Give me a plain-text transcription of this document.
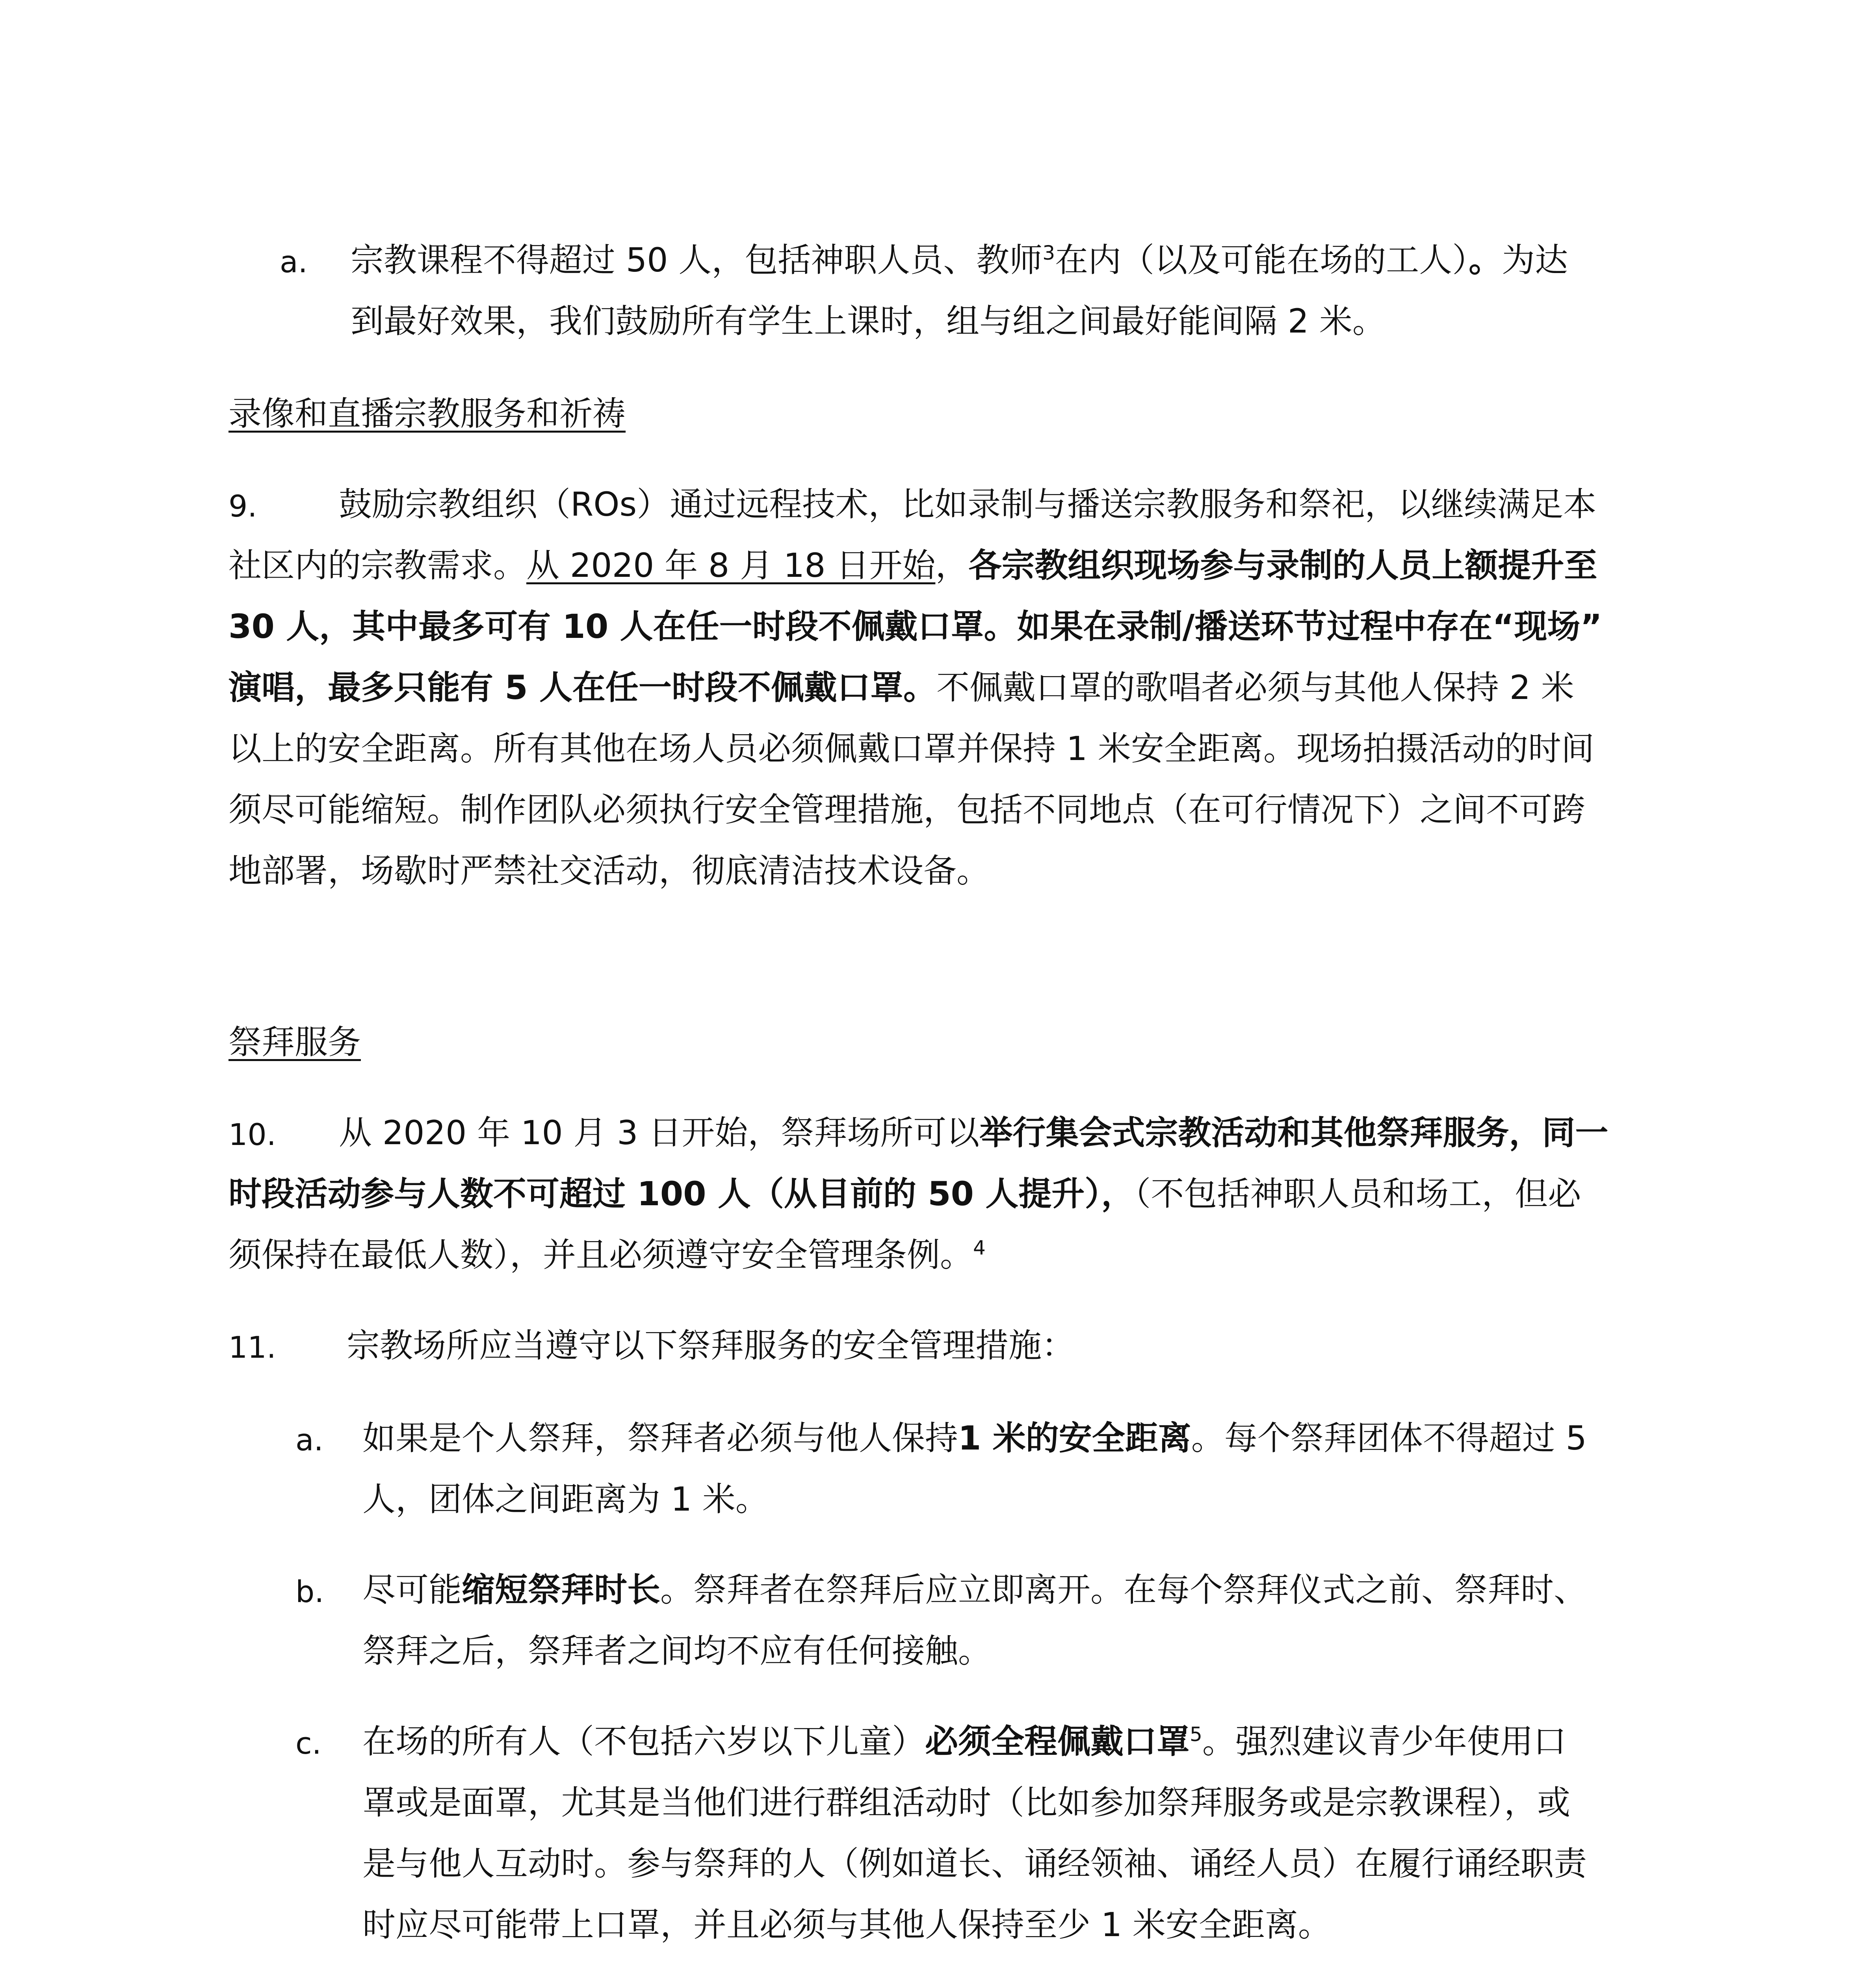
a. 宗教课程不得超过 50 人，包括神职人员、教师$^3$在内（以及可能在场的工人）。为达
到最好效果，我们鼓励所有学生上课时，组与组之间最好能间隔 2 米。
录像和直播宗教服务和祈祷
9. 鼓励宗教组织（ROs）通过远程技术，比如录制与播送宗教服务和祭祀，以继续满足本
社区内的宗教需求。从 2020 年 8 月 18 日开始，各宗教组织现场参与录制的人员上额提升至
30 人，其中最多可有 10 人在任一时段不佩戴口罩。如果在录制/播送环节过程中存在“现场”
演唱，最多只能有 5 人在任一时段不佩戴口罩。不佩戴口罩的歌唱者必须与其他人保持 2 米
以上的安全距离。所有其他在场人员必须佩戴口罩并保持 1 米安全距离。现场拍摄活动的时间
须尽可能缩短。制作团队必须执行安全管理措施，包括不同地点（在可行情况下）之间不可跨
地部署，场歇时严禁社交活动，彻底清洁技术设备。
祭拜服务
10. 从 2020 年 10 月 3 日开始，祭拜场所可以举行集会式宗教活动和其他祭拜服务，同一
时段活动参与人数不可超过 100 人（从目前的 50 人提升），（不包括神职人员和场工，但必
须保持在最低人数），并且必须遵守安全管理条例。$^4$
11. 宗教场所应当遵守以下祭拜服务的安全管理措施：
a. 如果是个人祭拜，祭拜者必须与他人保持1 米的安全距离。每个祭拜团体不得超过 5
人，团体之间距离为 1 米。
b. 尽可能缩短祭拜时长。祭拜者在祭拜后应立即离开。在每个祭拜仪式之前、祭拜时、
祭拜之后，祭拜者之间均不应有任何接触。
c. 在场的所有人（不包括六岁以下儿童）必须全程佩戴口罩$^5$。强烈建议青少年使用口
罩或是面罩，尤其是当他们进行群组活动时（比如参加祭拜服务或是宗教课程），或
是与他人互动时。参与祭拜的人（例如道长、诵经领袖、诵经人员）在履行诵经职责
时应尽可能带上口罩，并且必须与其他人保持至少 1 米安全距离。
